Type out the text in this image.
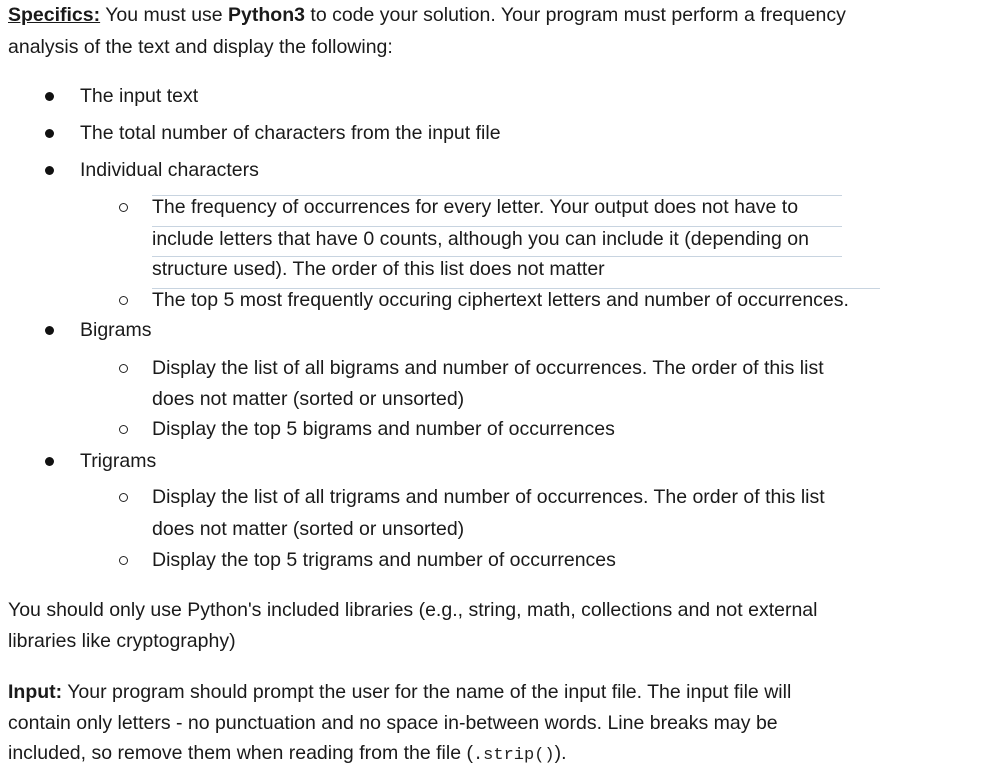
Specifics: You must use Python3 to code your solution. Your program must perform a frequency
analysis of the text and display the following:
The input text
The total number of characters from the input file
Individual characters
The frequency of occurrences for every letter. Your output does not have to
include letters that have 0 counts, although you can include it (depending on
structure used). The order of this list does not matter
The top 5 most frequently occuring ciphertext letters and number of occurrences.
Bigrams
Display the list of all bigrams and number of occurrences. The order of this list
does not matter (sorted or unsorted)
Display the top 5 bigrams and number of occurrences
Trigrams
Display the list of all trigrams and number of occurrences. The order of this list
does not matter (sorted or unsorted)
Display the top 5 trigrams and number of occurrences
You should only use Python's included libraries (e.g., string, math, collections and not external
libraries like cryptography)
Input: Your program should prompt the user for the name of the input file. The input file will
contain only letters - no punctuation and no space in-between words. Line breaks may be
included, so remove them when reading from the file (.strip()).
